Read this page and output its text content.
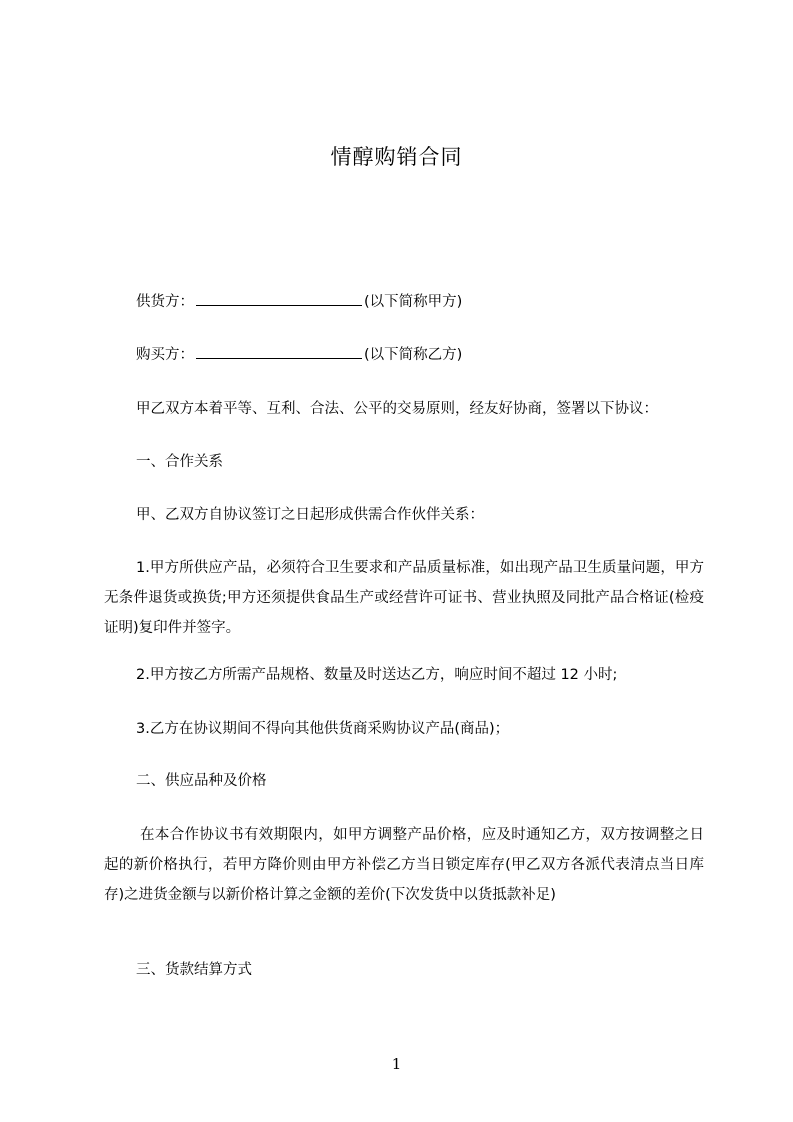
情醇购销合同
供货方：	(以下简称甲方)
购买方：	(以下简称乙方)
甲乙双方本着平等、互利、合法、公平的交易原则，经友好协商，签署以下协议：
一、合作关系
甲、乙双方自协议签订之日起形成供需合作伙伴关系：
1.甲方所供应产品，必须符合卫生要求和产品质量标准，如出现产品卫生质量问题，甲方无条件退货或换货;甲方还须提供食品生产或经营许可证书、营业执照及同批产品合格证(检疫证明)复印件并签字。
2.甲方按乙方所需产品规格、数量及时送达乙方，响应时间不超过 12 小时;
3.乙方在协议期间不得向其他供货商采购协议产品(商品)；
二、供应品种及价格
在本合作协议书有效期限内，如甲方调整产品价格，应及时通知乙方，双方按调整之日起的新价格执行，若甲方降价则由甲方补偿乙方当日锁定库存(甲乙双方各派代表清点当日库存)之进货金额与以新价格计算之金额的差价(下次发货中以货抵款补足)
三、货款结算方式
1
